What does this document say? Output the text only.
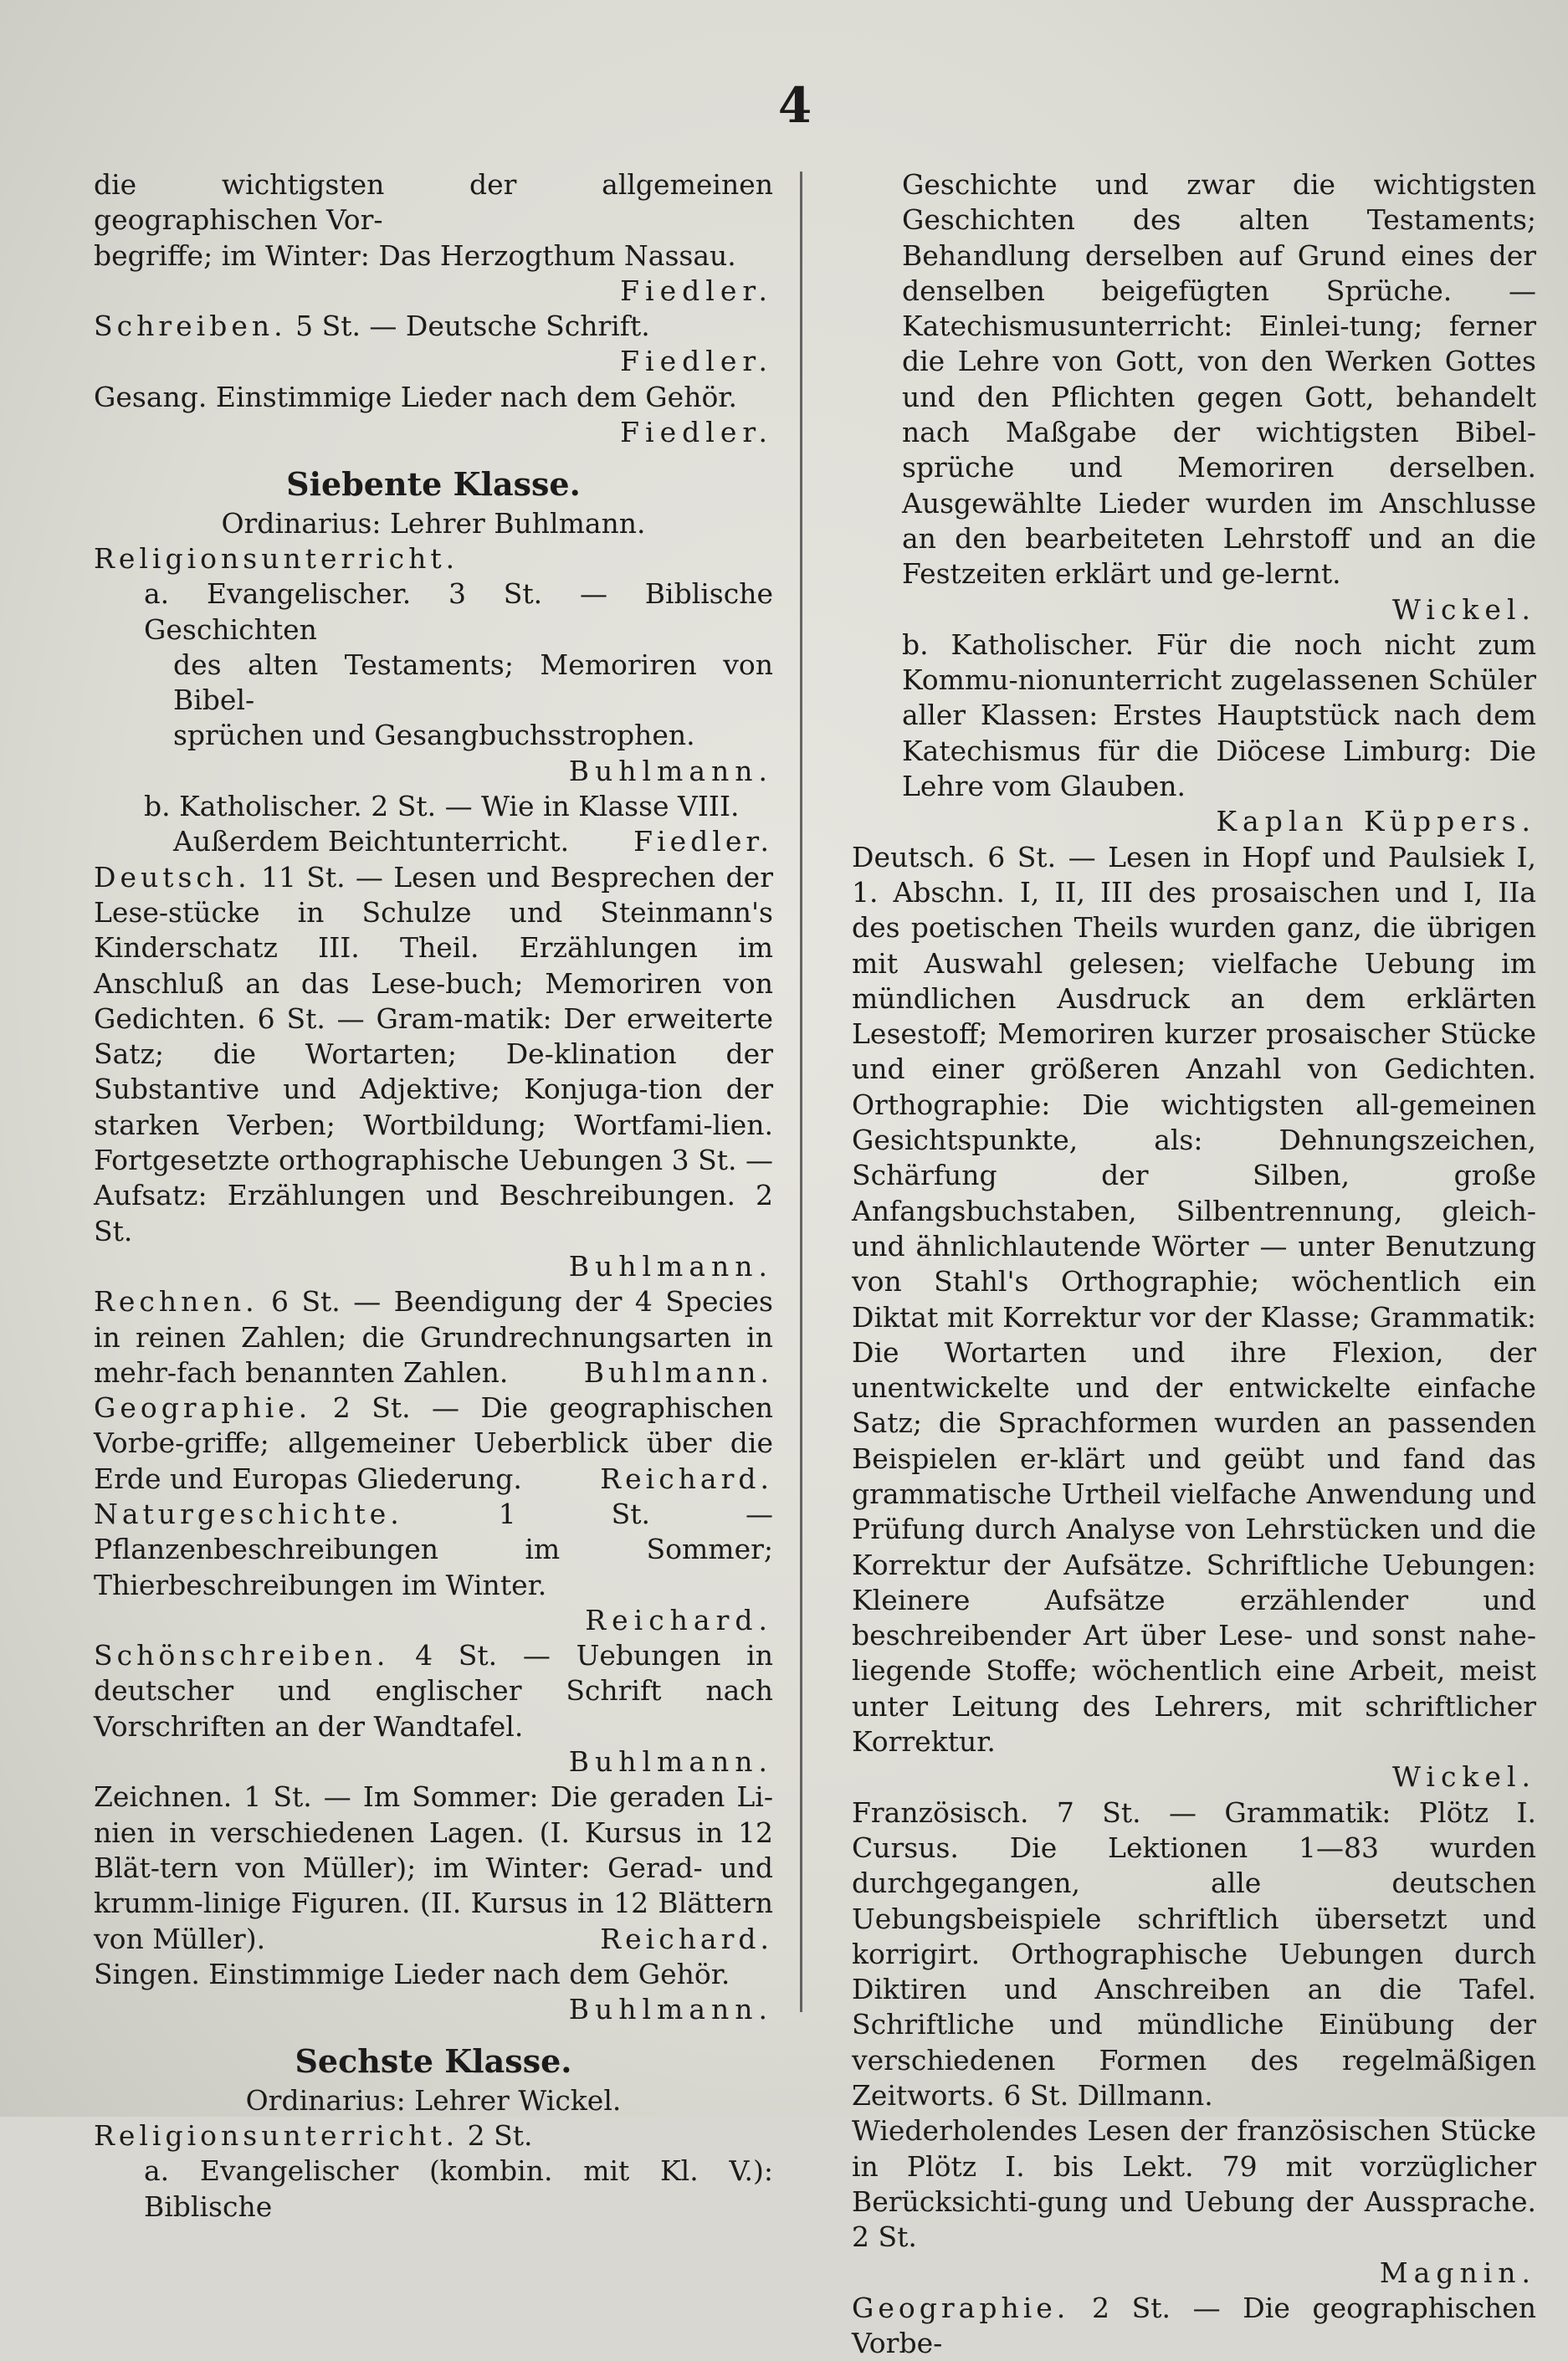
4

die wichtigsten der allgemeinen geographischen Vor-

begriffe; im Winter: Das Herzogthum Nassau.

Fiedler.

Schreiben. 5 St. — Deutsche Schrift.

Fiedler.

Gesang. Einstimmige Lieder nach dem Gehör.

Fiedler.

Siebente Klasse.

Ordinarius: Lehrer Buhlmann.

Religionsunterricht.

a. Evangelischer. 3 St. — Biblische Geschichten

des alten Testaments; Memoriren von Bibel-

sprüchen und Gesangbuchsstrophen.

Buhlmann.

b. Katholischer. 2 St. — Wie in Klasse VIII.

Außerdem Beichtunterricht. Fiedler.

Deutsch. 11 St. — Lesen und Besprechen der Lese-stücke in Schulze und Steinmann's Kinderschatz III. Theil. Erzählungen im Anschluß an das Lese-buch; Memoriren von Gedichten. 6 St. — Gram-matik: Der erweiterte Satz; die Wortarten; De-klination der Substantive und Adjektive; Konjuga-tion der starken Verben; Wortbildung; Wortfami-lien. Fortgesetzte orthographische Uebungen 3 St. —Aufsatz: Erzählungen und Beschreibungen. 2 St.

Buhlmann.

Rechnen. 6 St. — Beendigung der 4 Species in reinen Zahlen; die Grundrechnungsarten in mehr-fach benannten Zahlen.	Buhlmann.

Geographie. 2 St. — Die geographischen Vorbe-griffe; allgemeiner Ueberblick über die Erde und Europas Gliederung.	Reichard.

Naturgeschichte. 1 St. — Pflanzenbeschreibungen im Sommer; Thierbeschreibungen im Winter.

Reichard.

Schönschreiben. 4 St. — Uebungen in deutscher und englischer Schrift nach Vorschriften an der Wandtafel.

Buhlmann.

Zeichnen. 1 St. — Im Sommer: Die geraden Li-nien in verschiedenen Lagen. (I. Kursus in 12 Blät-tern von Müller); im Winter: Gerad- und krumm-linige Figuren. (II. Kursus in 12 Blättern von Müller).	Reichard.

Singen. Einstimmige Lieder nach dem Gehör.

Buhlmann.

Sechste Klasse.

Ordinarius: Lehrer Wickel.

Religionsunterricht. 2 St.

a. Evangelischer (kombin. mit Kl. V.): Biblische

Geschichte und zwar die wichtigsten Geschichten des alten Testaments; Behandlung derselben auf Grund eines der denselben beigefügten Sprüche. — Katechismusunterricht: Einlei-tung; ferner die Lehre von Gott, von den Werken Gottes und den Pflichten gegen Gott, behandelt nach Maßgabe der wichtigsten Bibel-sprüche und Memoriren derselben. Ausgewählte Lieder wurden im Anschlusse an den bearbeiteten Lehrstoff und an die Festzeiten erklärt und ge-lernt.

Wickel.

b. Katholischer. Für die noch nicht zum Kommu-nionunterricht zugelassenen Schüler aller Klassen: Erstes Hauptstück nach dem Katechismus für die Diöcese Limburg: Die Lehre vom Glauben.

Kaplan Küppers.

Deutsch. 6 St. — Lesen in Hopf und Paulsiek I, 1. Abschn. I, II, III des prosaischen und I, IIa des poetischen Theils wurden ganz, die übrigen mit Auswahl gelesen; vielfache Uebung im mündlichen Ausdruck an dem erklärten Lesestoff; Memoriren kurzer prosaischer Stücke und einer größeren Anzahl von Gedichten. Orthographie: Die wichtigsten all-gemeinen Gesichtspunkte, als: Dehnungszeichen, Schärfung der Silben, große Anfangsbuchstaben, Silbentrennung, gleich- und ähnlichlautende Wörter — unter Benutzung von Stahl's Orthographie; wöchentlich ein Diktat mit Korrektur vor der Klasse; Grammatik: Die Wortarten und ihre Flexion, der unentwickelte und der entwickelte einfache Satz; die Sprachformen wurden an passenden Beispielen er-klärt und geübt und fand das grammatische Urtheil vielfache Anwendung und Prüfung durch Analyse von Lehrstücken und die Korrektur der Aufsätze. Schriftliche Uebungen: Kleinere Aufsätze erzählender und beschreibender Art über Lese- und sonst nahe-liegende Stoffe; wöchentlich eine Arbeit, meist unter Leitung des Lehrers, mit schriftlicher Korrektur.

Wickel.

Französisch. 7 St. — Grammatik: Plötz I. Cursus. Die Lektionen 1—83 wurden durchgegangen, alle deutschen Uebungsbeispiele schriftlich übersetzt und korrigirt. Orthographische Uebungen durch Diktiren und Anschreiben an die Tafel. Schriftliche und mündliche Einübung der verschiedenen Formen des regelmäßigen Zeitworts. 6 St. Dillmann.

Wiederholendes Lesen der französischen Stücke in Plötz I. bis Lekt. 79 mit vorzüglicher Berücksichti-gung und Uebung der Aussprache. 2 St.

Magnin.

Geographie. 2 St. — Die geographischen Vorbe-
